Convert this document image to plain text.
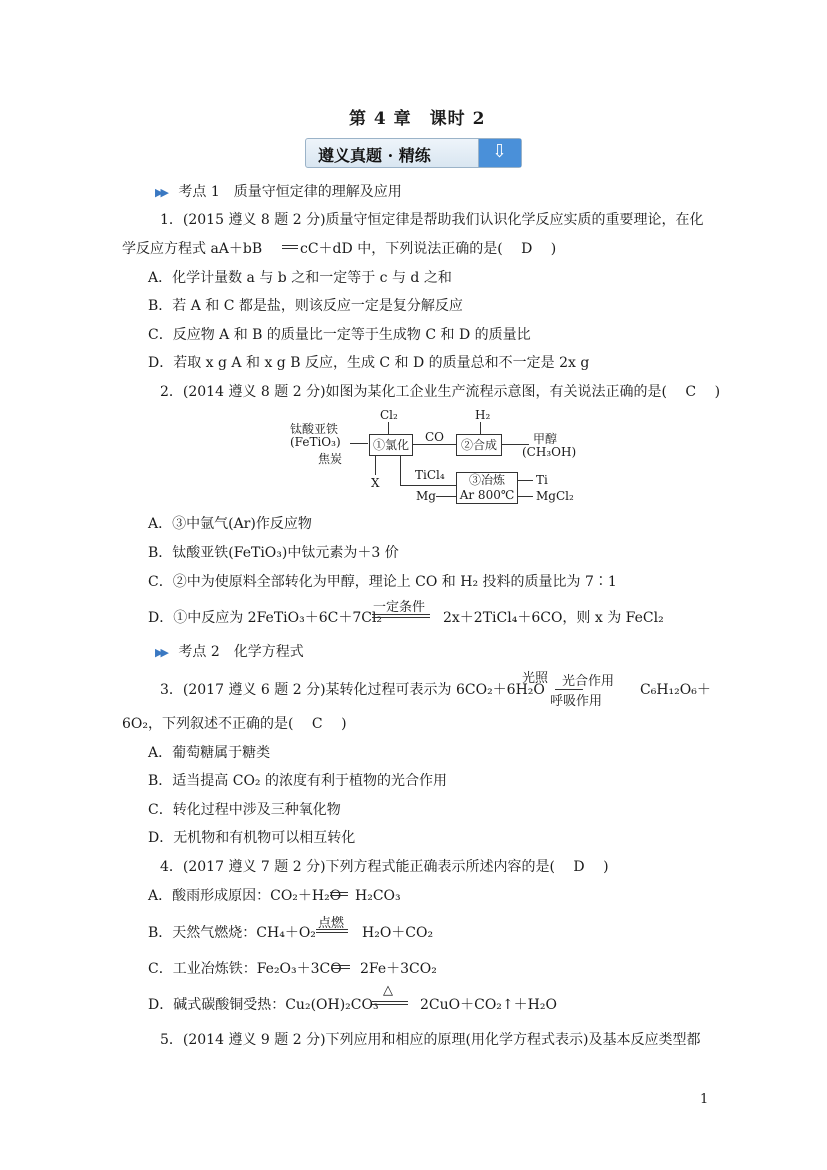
第 4 章　课时 2
遵义真题 · 精练	⇩
▶▶ 考点 1　质量守恒定律的理解及应用
1．(2015 遵义 8 题 2 分)质量守恒定律是帮助我们认识化学反应实质的重要理论，在化
学反应方程式 aA＋bB	cC＋dD 中，下列说法正确的是(　 D　 )
A．化学计量数 a 与 b 之和一定等于 c 与 d 之和
B．若 A 和 C 都是盐，则该反应一定是复分解反应
C．反应物 A 和 B 的质量比一定等于生成物 C 和 D 的质量比
D．若取 x g A 和 x g B 反应，生成 C 和 D 的质量总和不一定是 2x g
2．(2014 遵义 8 题 2 分)如图为某化工企业生产流程示意图，有关说法正确的是(　 C　 )
钛酸亚铁
(FeTiO₃)
焦炭
Cl₂
①氯化
CO
H₂
②合成	甲醇
(CH₃OH)
X
TiCl₄
Mg
③冶炼
Ar 800℃
Ti
MgCl₂
A．③中氩气(Ar)作反应物
B．钛酸亚铁(FeTiO₃)中钛元素为＋3 价
C．②中为使原料全部转化为甲醇，理论上 CO 和 H₂ 投料的质量比为 7∶1
D．①中反应为 2FeTiO₃＋6C＋7Cl₂
一定条件
2x＋2TiCl₄＋6CO，则 x 为 FeCl₂
▶▶ 考点 2　化学方程式
3．(2017 遵义 6 题 2 分)某转化过程可表示为 6CO₂＋6H₂O
光照 光合作用
呼吸作用
C₆H₁₂O₆＋
6O₂，下列叙述不正确的是(　 C　 )
A．葡萄糖属于糖类
B．适当提高 CO₂ 的浓度有利于植物的光合作用
C．转化过程中涉及三种氧化物
D．无机物和有机物可以相互转化
4．(2017 遵义 7 题 2 分)下列方程式能正确表示所述内容的是(　 D　 )
A．酸雨形成原因：CO₂＋H₂O H₂CO₃
B．天然气燃烧：CH₄＋O₂
点燃
H₂O＋CO₂
C．工业冶炼铁：Fe₂O₃＋3CO 2Fe＋3CO₂
D．碱式碳酸铜受热：Cu₂(OH)₂CO₃
△
2CuO＋CO₂↑＋H₂O
5．(2014 遵义 9 题 2 分)下列应用和相应的原理(用化学方程式表示)及基本反应类型都
1
